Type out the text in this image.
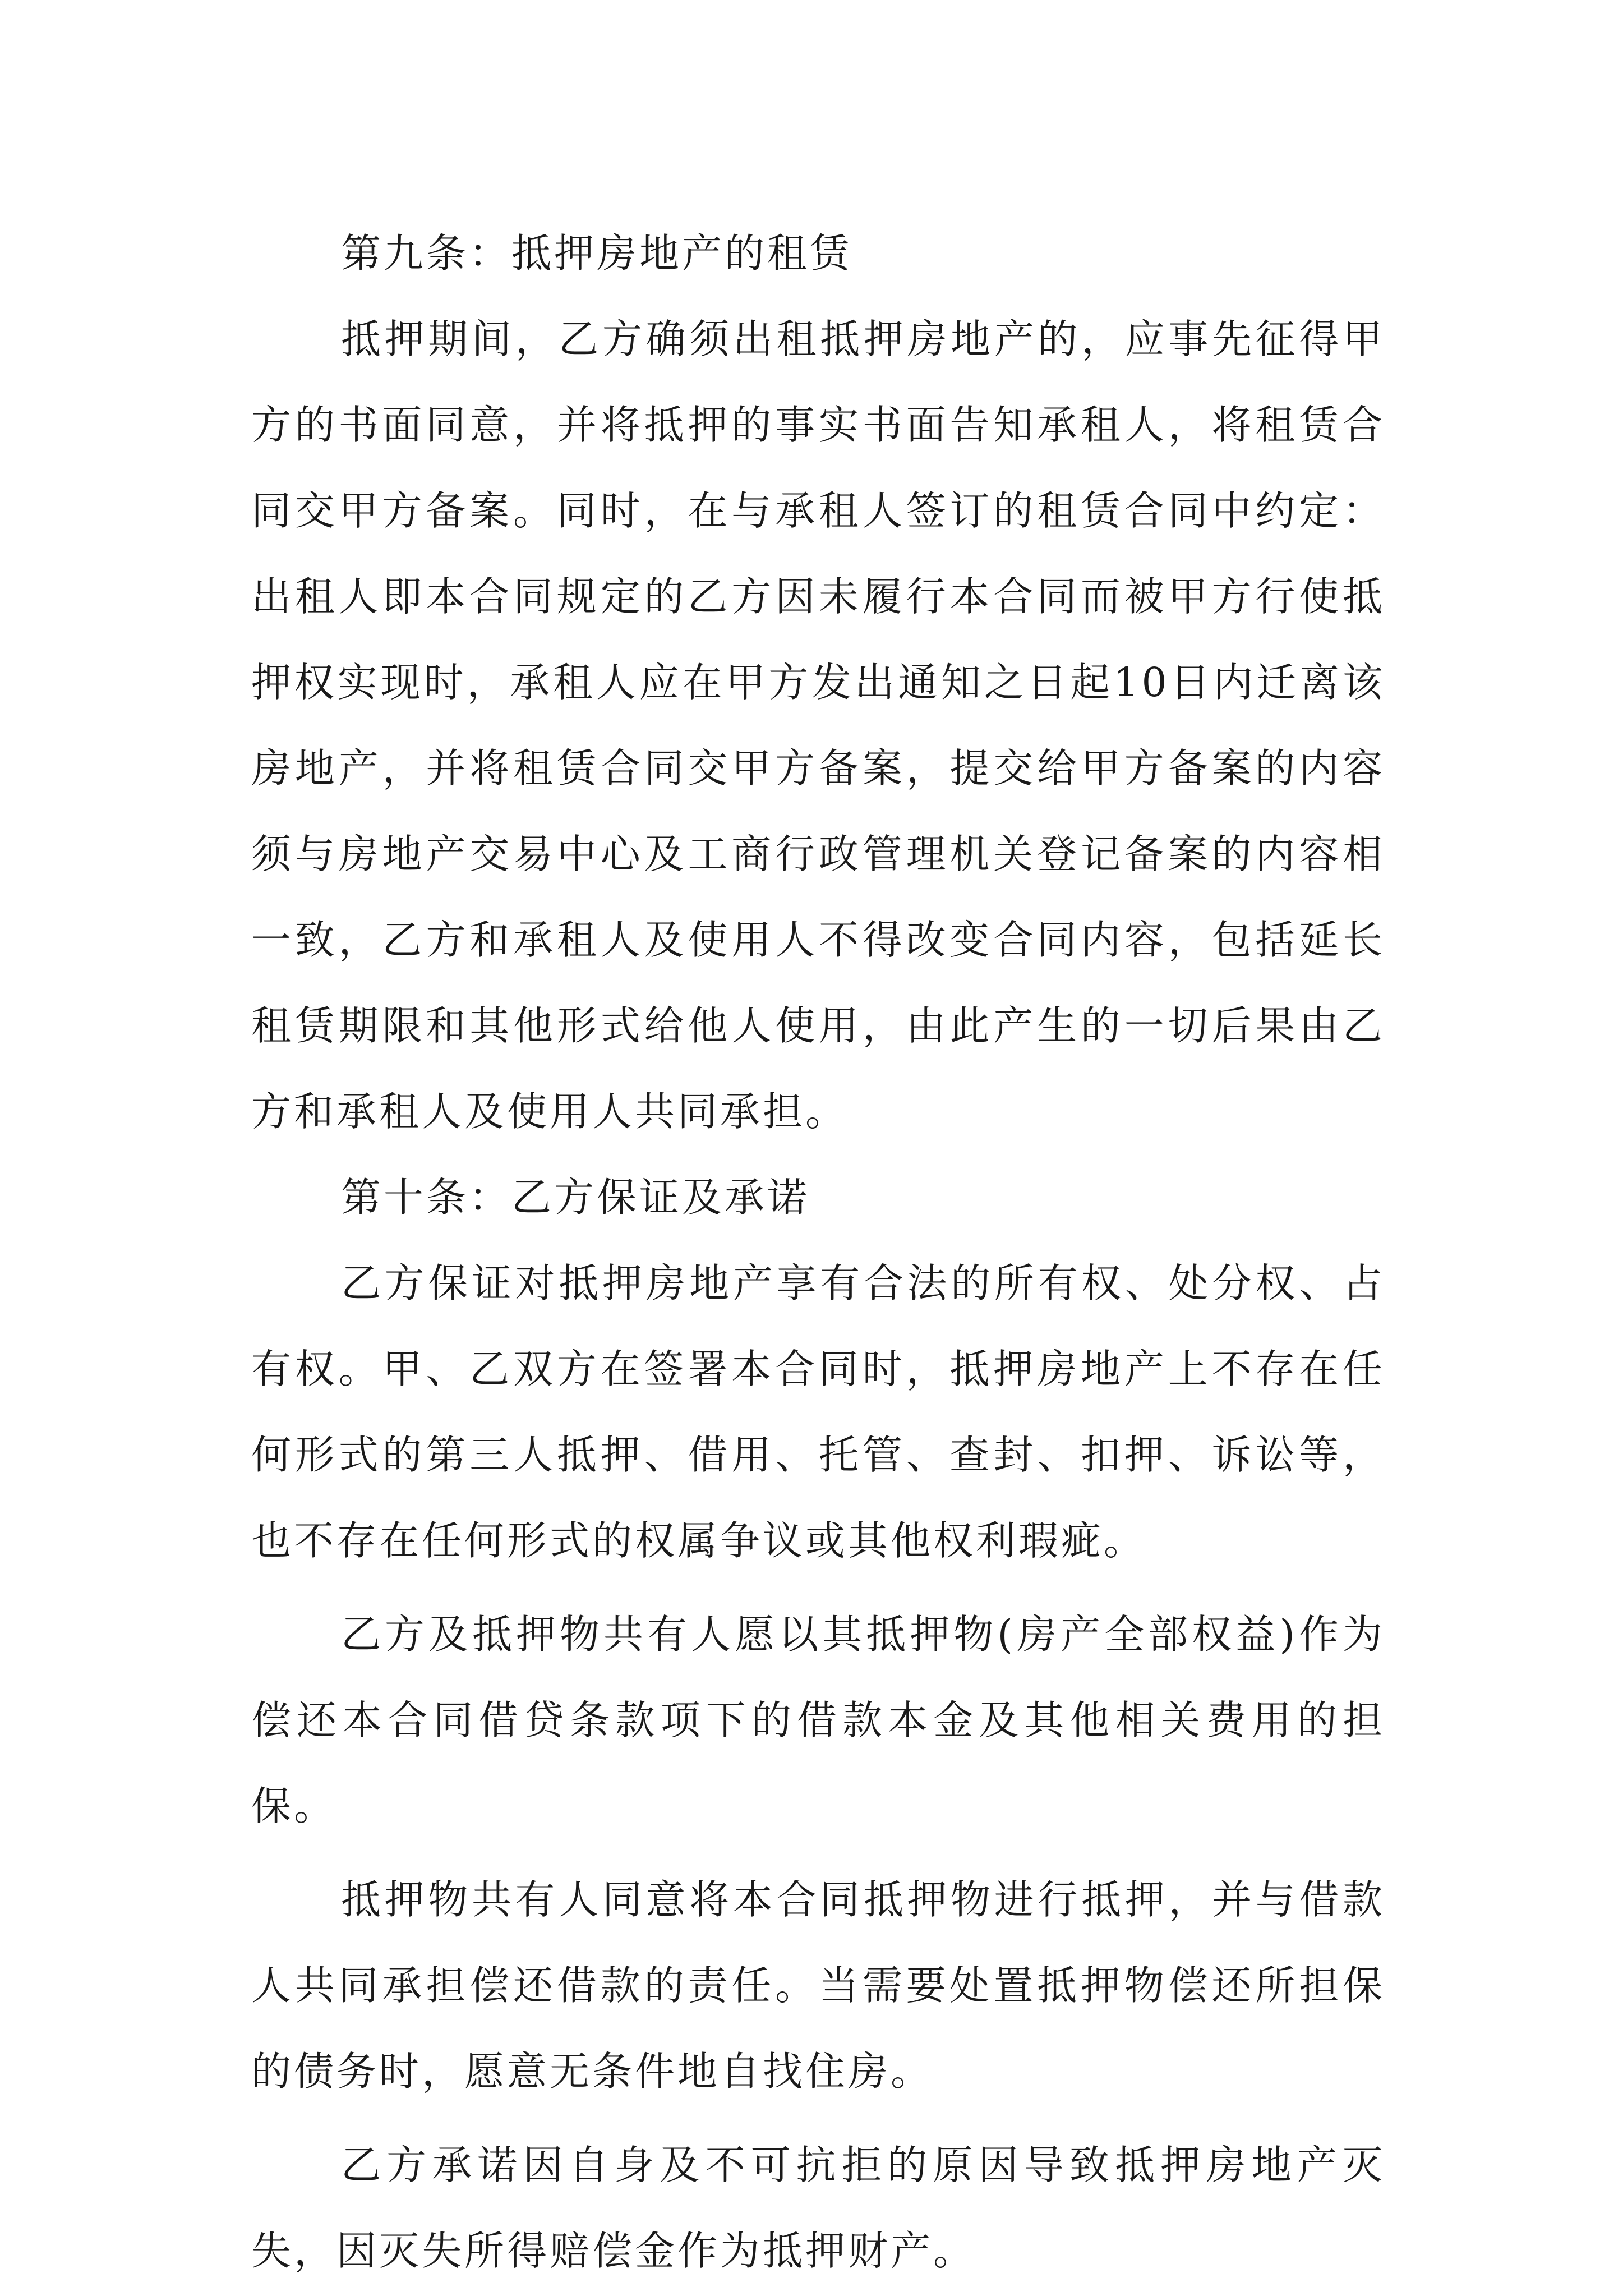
第九条：抵押房地产的租赁

抵押期间，乙方确须出租抵押房地产的，应事先征得甲方的书面同意，并将抵押的事实书面告知承租人，将租赁合同交甲方备案。同时，在与承租人签订的租赁合同中约定：出租人即本合同规定的乙方因未履行本合同而被甲方行使抵押权实现时，承租人应在甲方发出通知之日起10日内迁离该房地产，并将租赁合同交甲方备案，提交给甲方备案的内容须与房地产交易中心及工商行政管理机关登记备案的内容相一致，乙方和承租人及使用人不得改变合同内容，包括延长租赁期限和其他形式给他人使用，由此产生的一切后果由乙方和承租人及使用人共同承担。

第十条：乙方保证及承诺

乙方保证对抵押房地产享有合法的所有权、处分权、占有权。甲、乙双方在签署本合同时，抵押房地产上不存在任何形式的第三人抵押、借用、托管、查封、扣押、诉讼等，也不存在任何形式的权属争议或其他权利瑕疵。

乙方及抵押物共有人愿以其抵押物(房产全部权益)作为偿还本合同借贷条款项下的借款本金及其他相关费用的担保。

抵押物共有人同意将本合同抵押物进行抵押，并与借款人共同承担偿还借款的责任。当需要处置抵押物偿还所担保的债务时，愿意无条件地自找住房。

乙方承诺因自身及不可抗拒的原因导致抵押房地产灭失，因灭失所得赔偿金作为抵押财产。
